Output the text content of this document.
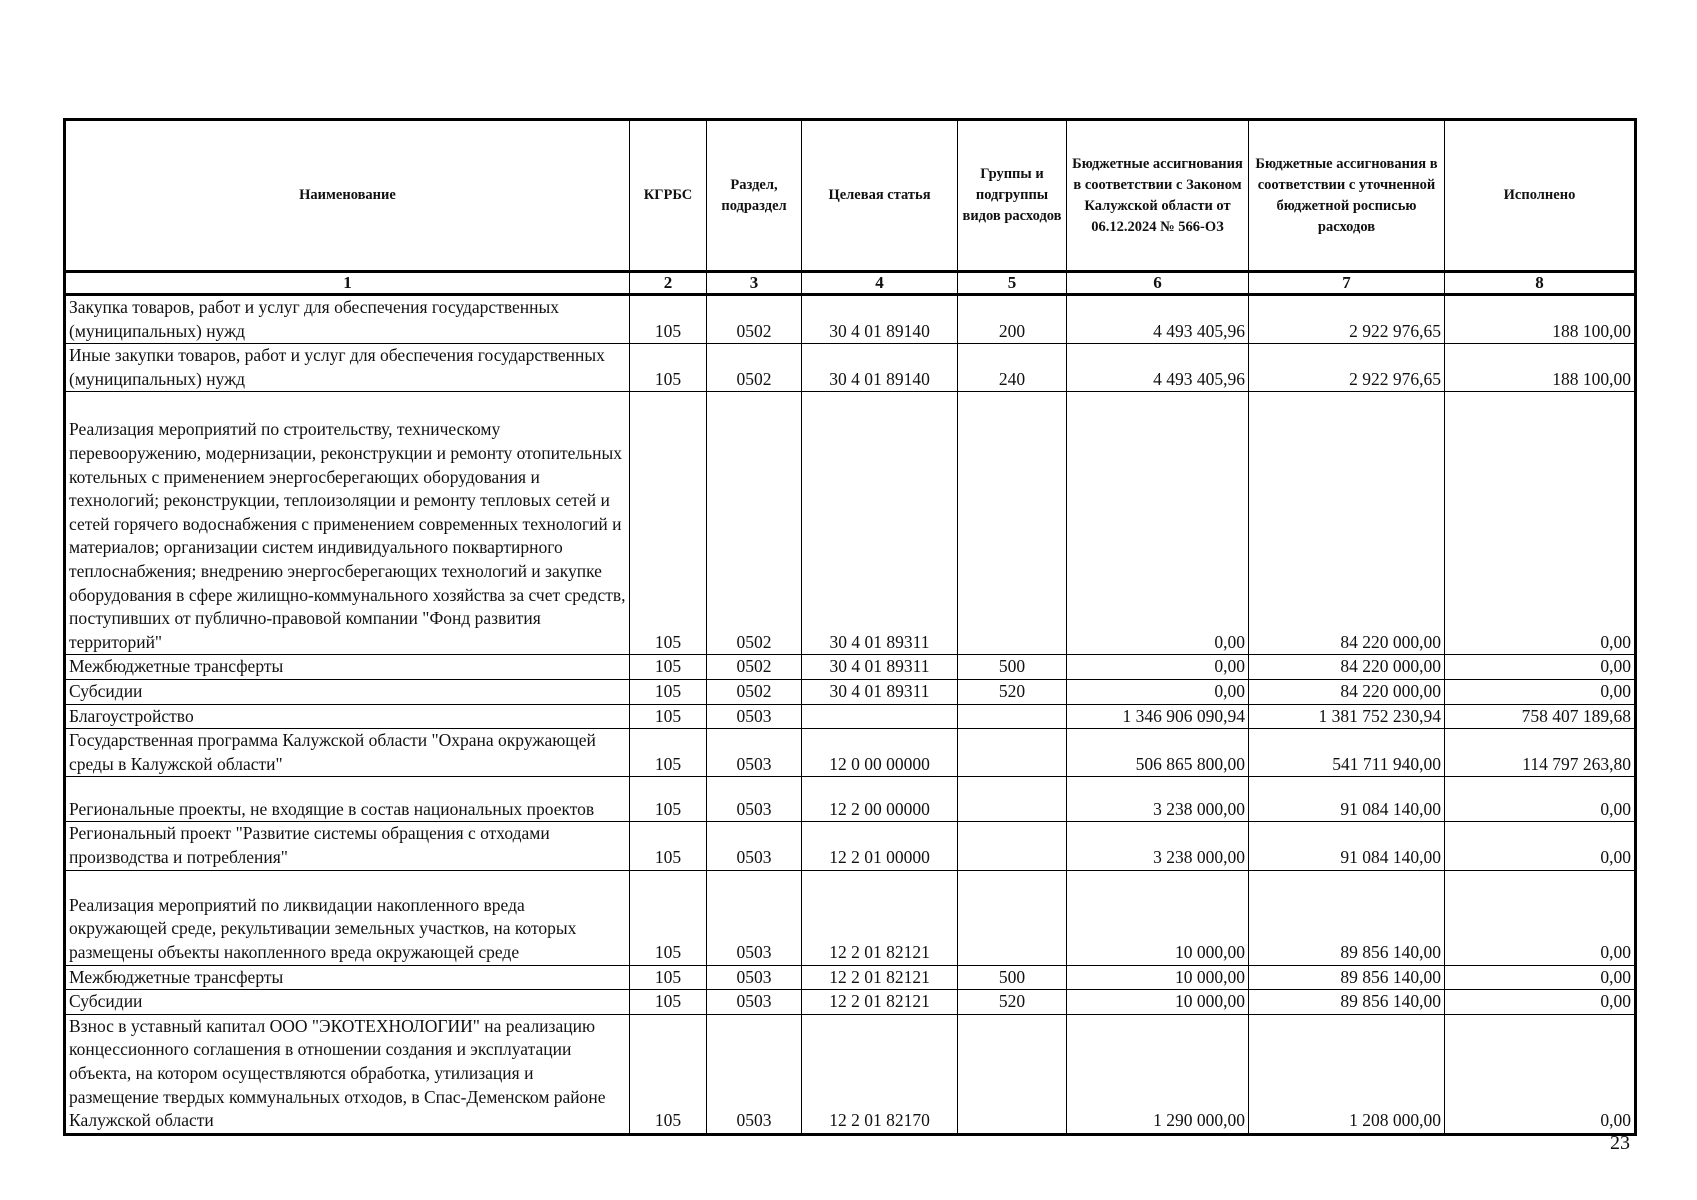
Наименование	КГРБС	Раздел, подраздел	Целевая статья	Группы и подгруппы видов расходов	Бюджетные ассигнования в соответствии с Законом Калужской области от 06.12.2024 № 566-ОЗ	Бюджетные ассигнования в соответствии с уточненной бюджетной росписью расходов	Исполнено
1	2	3	4	5	6	7	8
Закупка товаров, работ и услуг для обеспечения государственных (муниципальных) нужд	105	0502	30 4 01 89140	200	4 493 405,96	2 922 976,65	188 100,00
Иные закупки товаров, работ и услуг для обеспечения государственных (муниципальных) нужд	105	0502	30 4 01 89140	240	4 493 405,96	2 922 976,65	188 100,00
Реализация мероприятий по строительству, техническому перевооружению, модернизации, реконструкции и ремонту отопительных котельных с применением энергосберегающих оборудования и технологий; реконструкции, теплоизоляции и ремонту тепловых сетей и сетей горячего водоснабжения с применением современных технологий и материалов; организации систем индивидуального поквартирного теплоснабжения; внедрению энергосберегающих технологий и закупке оборудования в сфере жилищно-коммунального хозяйства за счет средств, поступивших от публично-правовой компании "Фонд развития территорий"	105	0502	30 4 01 89311		0,00	84 220 000,00	0,00
Межбюджетные трансферты	105	0502	30 4 01 89311	500	0,00	84 220 000,00	0,00
Субсидии	105	0502	30 4 01 89311	520	0,00	84 220 000,00	0,00
Благоустройство	105	0503			1 346 906 090,94	1 381 752 230,94	758 407 189,68
Государственная программа Калужской области "Охрана окружающей среды в Калужской области"	105	0503	12 0 00 00000		506 865 800,00	541 711 940,00	114 797 263,80
Региональные проекты, не входящие в состав национальных проектов	105	0503	12 2 00 00000		3 238 000,00	91 084 140,00	0,00
Региональный проект "Развитие системы обращения с отходами производства и потребления"	105	0503	12 2 01 00000		3 238 000,00	91 084 140,00	0,00
Реализация мероприятий по ликвидации накопленного вреда окружающей среде, рекультивации земельных участков, на которых размещены объекты накопленного вреда окружающей среде	105	0503	12 2 01 82121		10 000,00	89 856 140,00	0,00
Межбюджетные трансферты	105	0503	12 2 01 82121	500	10 000,00	89 856 140,00	0,00
Субсидии	105	0503	12 2 01 82121	520	10 000,00	89 856 140,00	0,00
Взнос в уставный капитал ООО "ЭКОТЕХНОЛОГИИ" на реализацию концессионного соглашения в отношении создания и эксплуатации объекта, на котором осуществляются обработка, утилизация и размещение твердых коммунальных отходов, в Спас-Деменском районе Калужской области	105	0503	12 2 01 82170		1 290 000,00	1 208 000,00	0,00
23
